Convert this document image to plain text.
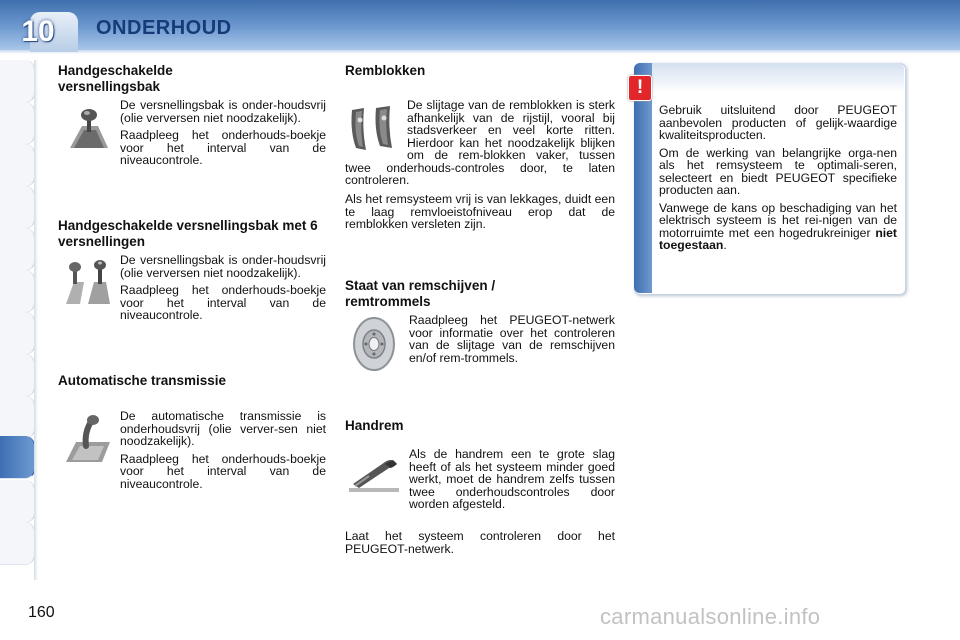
10	ONDERHOUD
Handgeschakelde versnellingsbak

De versnellingsbak is onder-houdsvrij (olie verversen niet noodzakelijk).

Raadpleeg het onderhouds-boekje voor het interval van de niveaucontrole.

Handgeschakelde versnellingsbak met 6 versnellingen

De versnellingsbak is onder-houdsvrij (olie verversen niet noodzakelijk).

Raadpleeg het onderhouds-boekje voor het interval van de niveaucontrole.

Automatische transmissie

De automatische transmissie is onderhoudsvrij (olie verver-sen niet noodzakelijk).

Raadpleeg het onderhouds-boekje voor het interval van de niveaucontrole.

Remblokken
De slijtage van de remblokken is sterk afhankelijk van de rijstijl, vooral bij stadsverkeer en veel korte ritten. Hierdoor kan het noodzakelijk blijken om de rem-blokken vaker, tussen twee onderhouds-controles door, te laten controleren.

Als het remsysteem vrij is van lekkages, duidt een te laag remvloeistofniveau erop dat de remblokken versleten zijn.

Staat van remschijven / remtrommels

Raadpleeg het PEUGEOT-netwerk voor informatie over het controleren van de slijtage van de remschijven en/of rem-trommels.

Handrem

Als de handrem een te grote slag heeft of als het systeem minder goed werkt, moet de handrem zelfs tussen twee onderhoudscontroles door worden afgesteld.

Laat het systeem controleren door het PEUGEOT-netwerk.

!

Gebruik uitsluitend door PEUGEOT aanbevolen producten of gelijk-waardige kwaliteitsproducten.

Om de werking van belangrijke orga-nen als het remsysteem te optimali-seren, selecteert en biedt PEUGEOT specifieke producten aan.

Vanwege de kans op beschadiging van het elektrisch systeem is het rei-nigen van de motorruimte met een hogedrukreiniger niet toegestaan.

160	carmanualsonline.info
